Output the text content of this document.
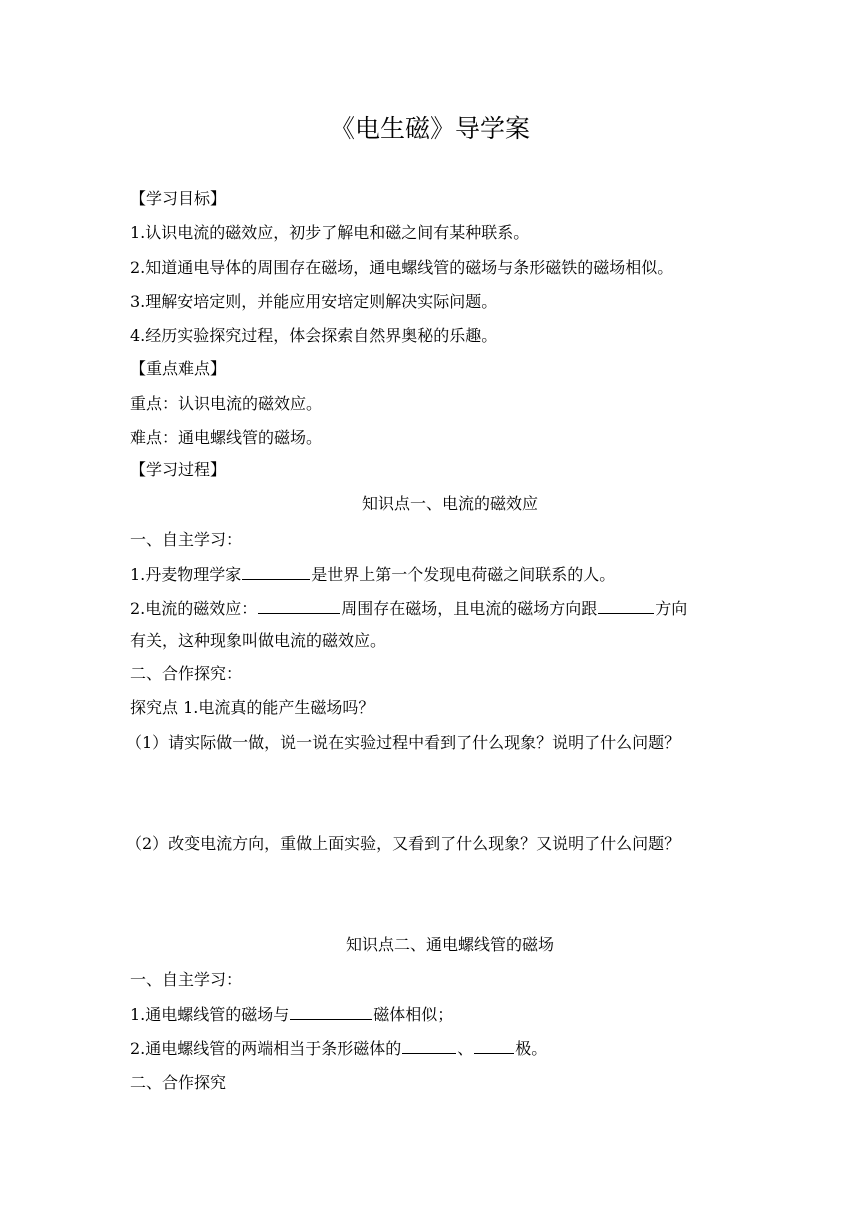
《电生磁》导学案
【学习目标】
1.认识电流的磁效应，初步了解电和磁之间有某种联系。
2.知道通电导体的周围存在磁场，通电螺线管的磁场与条形磁铁的磁场相似。
3.理解安培定则，并能应用安培定则解决实际问题。
4.经历实验探究过程，体会探索自然界奥秘的乐趣。
【重点难点】
重点：认识电流的磁效应。
难点：通电螺线管的磁场。
【学习过程】
知识点一、电流的磁效应
一、自主学习：
1.丹麦物理学家	是世界上第一个发现电荷磁之间联系的人。
2.电流的磁效应：	周围存在磁场，且电流的磁场方向跟	方向
有关，这种现象叫做电流的磁效应。
二、合作探究：
探究点 1.电流真的能产生磁场吗？
（1）请实际做一做，说一说在实验过程中看到了什么现象？说明了什么问题？
（2）改变电流方向，重做上面实验，又看到了什么现象？又说明了什么问题？
知识点二、通电螺线管的磁场
一、自主学习：
1.通电螺线管的磁场与	磁体相似；
2.通电螺线管的两端相当于条形磁体的	、	极。
二、合作探究
